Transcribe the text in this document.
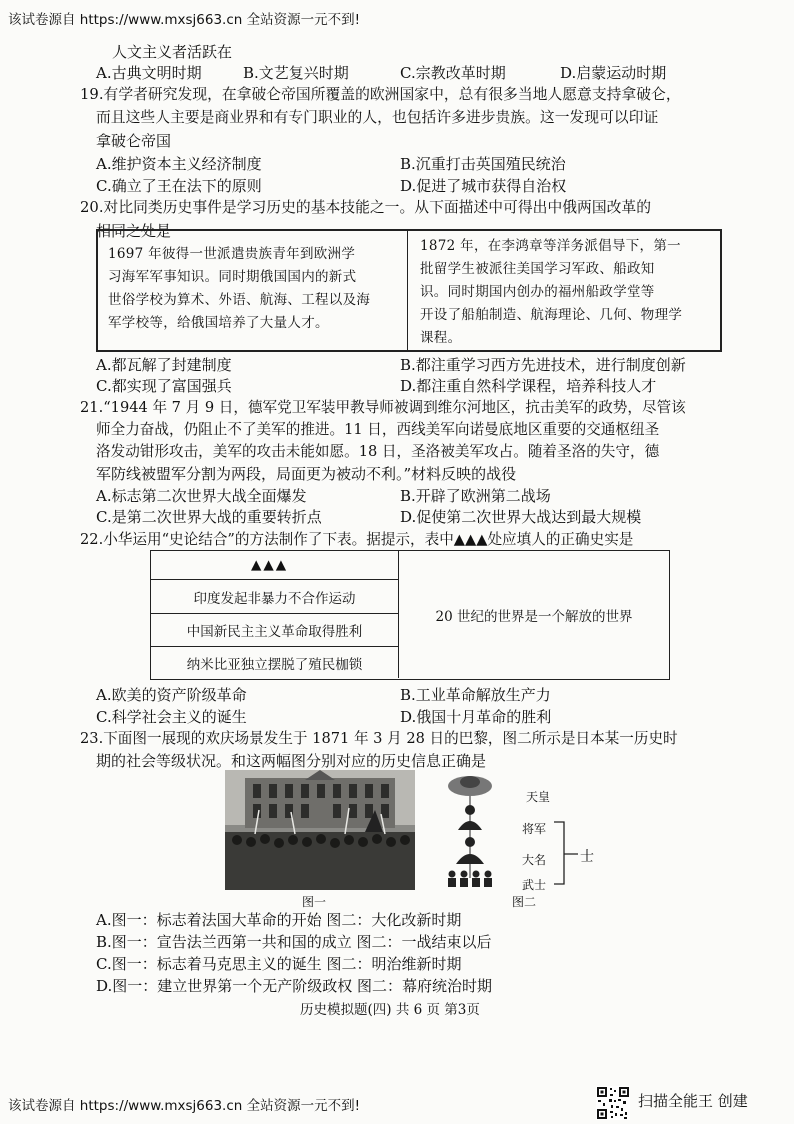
该试卷源自 https://www.mxsj663.cn 全站资源一元不到!
人文主义者活跃在
A.古典文明时期	B.文艺复兴时期	C.宗教改革时期	D.启蒙运动时期
19.有学者研究发现，在拿破仑帝国所覆盖的欧洲国家中，总有很多当地人愿意支持拿破仑，
而且这些人主要是商业界和有专门职业的人，也包括许多进步贵族。这一发现可以印证
拿破仑帝国
A.维护资本主义经济制度	B.沉重打击英国殖民统治
C.确立了王在法下的原则	D.促进了城市获得自治权
20.对比同类历史事件是学习历史的基本技能之一。从下面描述中可得出中俄两国改革的
相同之处是
1697 年彼得一世派遣贵族青年到欧洲学
习海军军事知识。同时期俄国国内的新式
世俗学校为算术、外语、航海、工程以及海
军学校等，给俄国培养了大量人才。
1872 年，在李鸿章等洋务派倡导下，第一
批留学生被派往美国学习军政、船政知
识。同时期国内创办的福州船政学堂等
开设了船舶制造、航海理论、几何、物理学
课程。
A.都瓦解了封建制度	B.都注重学习西方先进技术，进行制度创新
C.都实现了富国强兵	D.都注重自然科学课程，培养科技人才
21.“1944 年 7 月 9 日，德军党卫军装甲教导师被调到维尔河地区，抗击美军的政势，尽管该
师全力奋战，仍阻止不了美军的推进。11 日，西线美军向诺曼底地区重要的交通枢纽圣
洛发动钳形攻击，美军的攻击未能如愿。18 日，圣洛被美军攻占。随着圣洛的失守，德
军防线被盟军分割为两段，局面更为被动不利。”材料反映的战役
A.标志第二次世界大战全面爆发	B.开辟了欧洲第二战场
C.是第二次世界大战的重要转折点	D.促使第二次世界大战达到最大规模
22.小华运用“史论结合”的方法制作了下表。据提示，表中▲▲▲处应填人的正确史实是
▲▲▲
印度发起非暴力不合作运动
中国新民主主义革命取得胜利
纳米比亚独立摆脱了殖民枷锁
20 世纪的世界是一个解放的世界
A.欧美的资产阶级革命	B.工业革命解放生产力
C.科学社会主义的诞生	D.俄国十月革命的胜利
23.下面图一展现的欢庆场景发生于 1871 年 3 月 28 日的巴黎，图二所示是日本某一历史时
期的社会等级状况。和这两幅图分别对应的历史信息正确是
图一
天皇
将军
大名
武士
士
图二
A.图一：标志着法国大革命的开始 图二：大化改新时期
B.图一：宣告法兰西第一共和国的成立 图二：一战结束以后
C.图一：标志着马克思主义的诞生 图二：明治维新时期
D.图一：建立世界第一个无产阶级政权 图二：幕府统治时期
历史模拟题(四) 共 6 页 第3页
该试卷源自 https://www.mxsj663.cn 全站资源一元不到!	扫描全能王 创建
